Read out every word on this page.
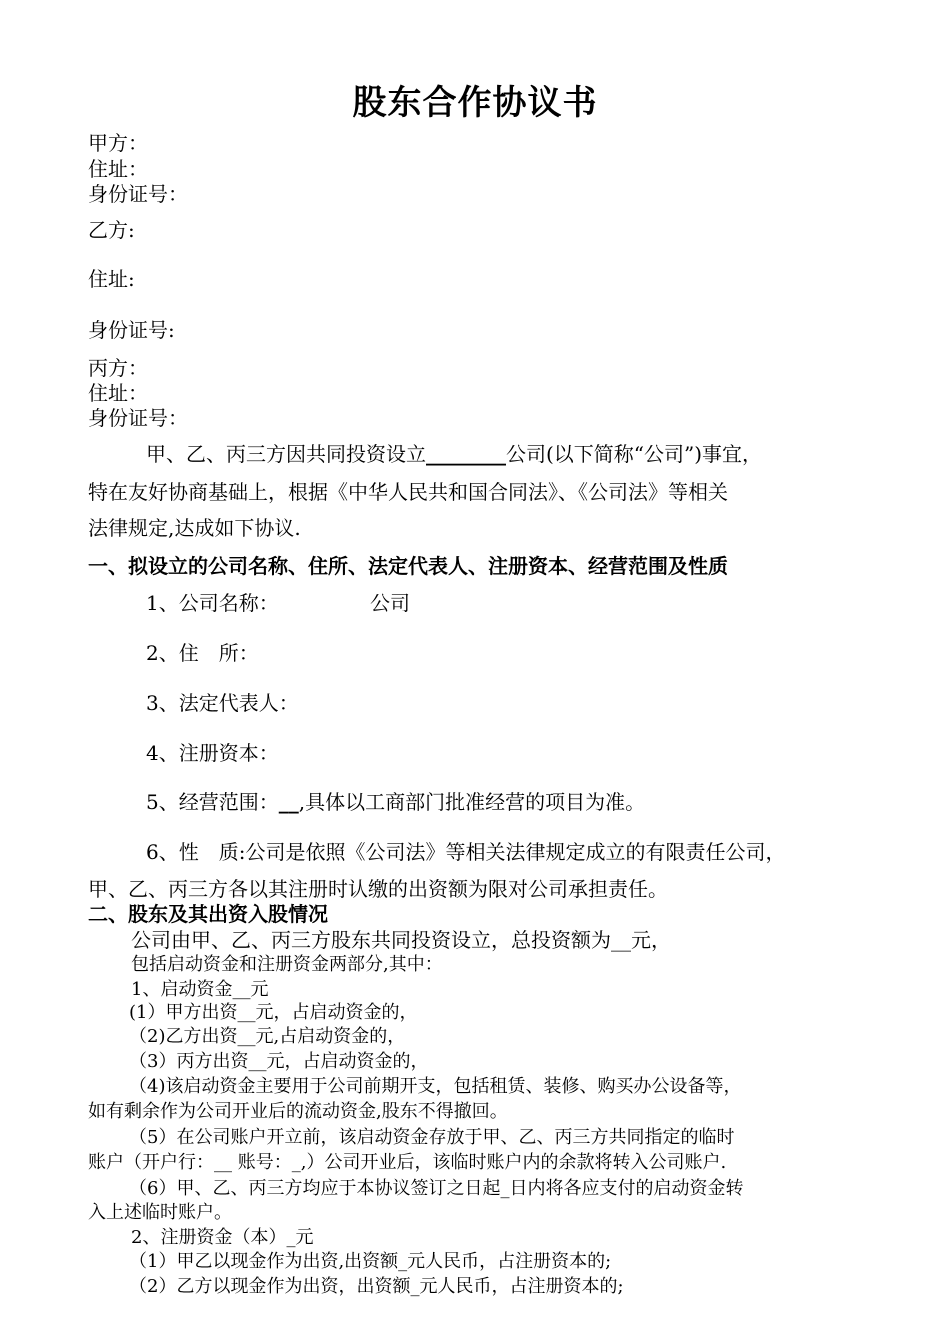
股东合作协议书
甲方：
住址：
身份证号：
乙方:
住址:
身份证号:
丙方：
住址：
身份证号：
甲、乙、丙三方因共同投资设立________公司(以下简称“公司”)事宜，
特在友好协商基础上，根据《中华人民共和国合同法》、《公司法》等相关
法律规定,达成如下协议.
一、拟设立的公司名称、住所、法定代表人、注册资本、经营范围及性质
1、公司名称：	公司
2、住　所：
3、法定代表人：
4、注册资本：
5、经营范围：__,具体以工商部门批准经营的项目为准。
6、性　质:公司是依照《公司法》等相关法律规定成立的有限责任公司，
甲、乙、丙三方各以其注册时认缴的出资额为限对公司承担责任。
二、股东及其出资入股情况
公司由甲、乙、丙三方股东共同投资设立，总投资额为__元，
包括启动资金和注册资金两部分,其中：
1、启动资金__元
(1）甲方出资__元，占启动资金的，
（2)乙方出资__元,占启动资金的，
（3）丙方出资__元，占启动资金的，
（4)该启动资金主要用于公司前期开支，包括租赁、装修、购买办公设备等，
如有剩余作为公司开业后的流动资金,股东不得撤回。
（5）在公司账户开立前，该启动资金存放于甲、乙、丙三方共同指定的临时
账户（开户行：__ 账号：_,）公司开业后，该临时账户内的余款将转入公司账户.
（6）甲、乙、丙三方均应于本协议签订之日起_日内将各应支付的启动资金转
入上述临时账户。
2、注册资金（本）_元
（1）甲乙以现金作为出资,出资额_元人民币，占注册资本的;
（2）乙方以现金作为出资，出资额_元人民币，占注册资本的;
